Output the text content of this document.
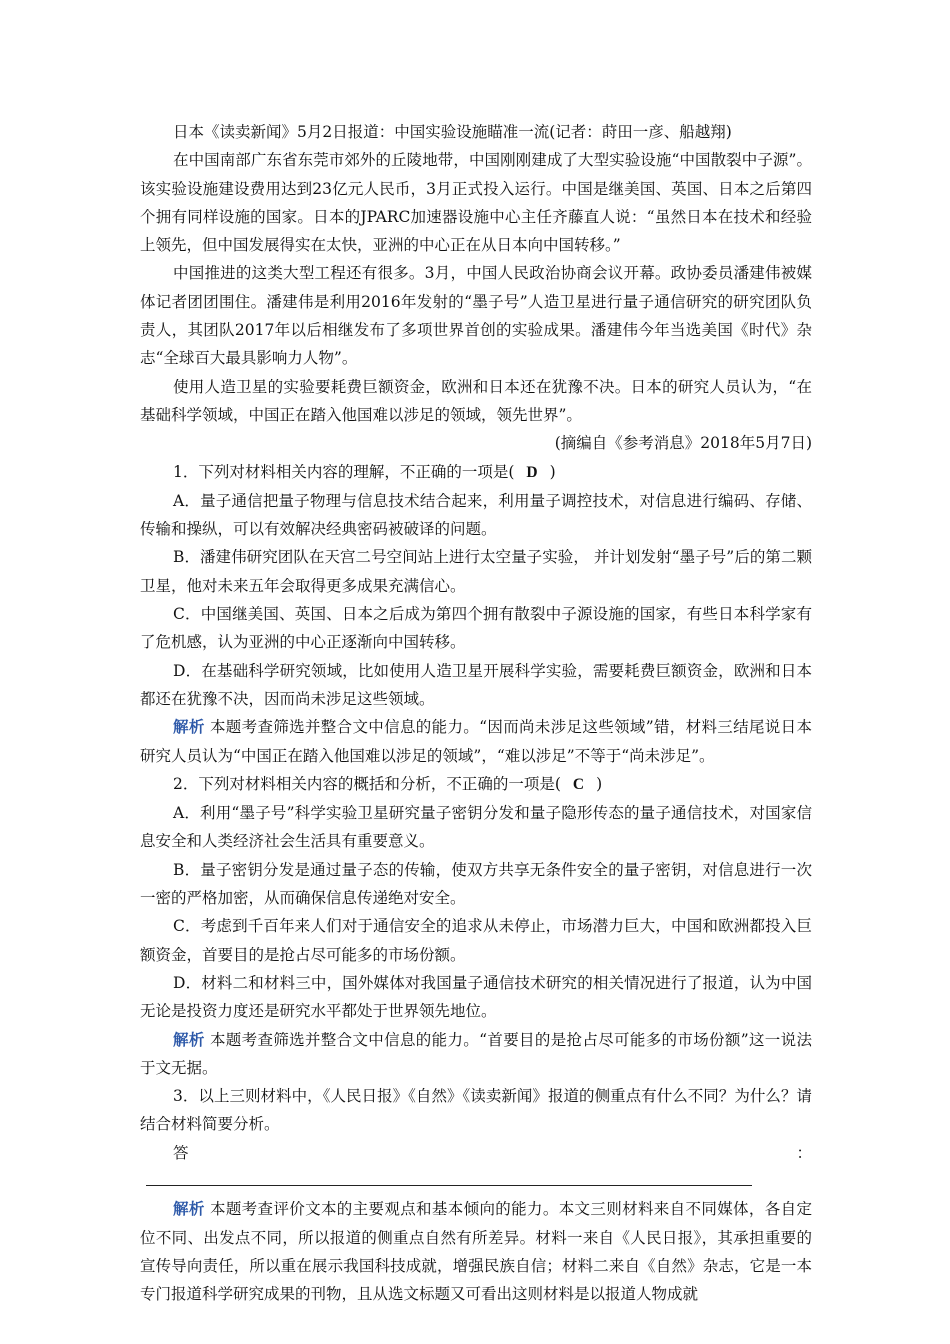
日本《读卖新闻》5月2日报道：中国实验设施瞄准一流(记者：莳田一彦、船越翔)

在中国南部广东省东莞市郊外的丘陵地带，中国刚刚建成了大型实验设施“中国散裂中子源”。该实验设施建设费用达到23亿元人民币，3月正式投入运行。中国是继美国、英国、日本之后第四个拥有同样设施的国家。日本的JPARC加速器设施中心主任齐藤直人说：“虽然日本在技术和经验上领先，但中国发展得实在太快，亚洲的中心正在从日本向中国转移。”

中国推进的这类大型工程还有很多。3月，中国人民政治协商会议开幕。政协委员潘建伟被媒体记者团团围住。潘建伟是利用2016年发射的“墨子号”人造卫星进行量子通信研究的研究团队负责人，其团队2017年以后相继发布了多项世界首创的实验成果。潘建伟今年当选美国《时代》杂志“全球百大最具影响力人物”。

使用人造卫星的实验要耗费巨额资金，欧洲和日本还在犹豫不决。日本的研究人员认为，“在基础科学领域，中国正在踏入他国难以涉足的领域，领先世界”。

(摘编自《参考消息》2018年5月7日)

1．下列对材料相关内容的理解，不正确的一项是( D )

A．量子通信把量子物理与信息技术结合起来，利用量子调控技术，对信息进行编码、存储、传输和操纵，可以有效解决经典密码被破译的问题。

B．潘建伟研究团队在天宫二号空间站上进行太空量子实验， 并计划发射“墨子号”后的第二颗卫星，他对未来五年会取得更多成果充满信心。

C．中国继美国、英国、日本之后成为第四个拥有散裂中子源设施的国家，有些日本科学家有了危机感，认为亚洲的中心正逐渐向中国转移。

D．在基础科学研究领域，比如使用人造卫星开展科学实验，需要耗费巨额资金，欧洲和日本都还在犹豫不决，因而尚未涉足这些领域。

解析 本题考查筛选并整合文中信息的能力。“因而尚未涉足这些领域”错，材料三结尾说日本研究人员认为“中国正在踏入他国难以涉足的领域”，“难以涉足”不等于“尚未涉足”。

2．下列对材料相关内容的概括和分析，不正确的一项是( C )

A．利用“墨子号”科学实验卫星研究量子密钥分发和量子隐形传态的量子通信技术，对国家信息安全和人类经济社会生活具有重要意义。

B．量子密钥分发是通过量子态的传输，使双方共享无条件安全的量子密钥，对信息进行一次一密的严格加密，从而确保信息传递绝对安全。

C．考虑到千百年来人们对于通信安全的追求从未停止，市场潜力巨大，中国和欧洲都投入巨额资金，首要目的是抢占尽可能多的市场份额。

D．材料二和材料三中，国外媒体对我国量子通信技术研究的相关情况进行了报道，认为中国无论是投资力度还是研究水平都处于世界领先地位。

解析 本题考查筛选并整合文中信息的能力。“首要目的是抢占尽可能多的市场份额”这一说法于文无据。

3．以上三则材料中，《人民日报》《自然》《读卖新闻》报道的侧重点有什么不同？为什么？请结合材料简要分析。

答：

解析 本题考查评价文本的主要观点和基本倾向的能力。本文三则材料来自不同媒体，各自定位不同、出发点不同，所以报道的侧重点自然有所差异。材料一来自《人民日报》，其承担重要的宣传导向责任，所以重在展示我国科技成就，增强民族自信；材料二来自《自然》杂志，它是一本专门报道科学研究成果的刊物，且从选文标题又可看出这则材料是以报道人物成就
